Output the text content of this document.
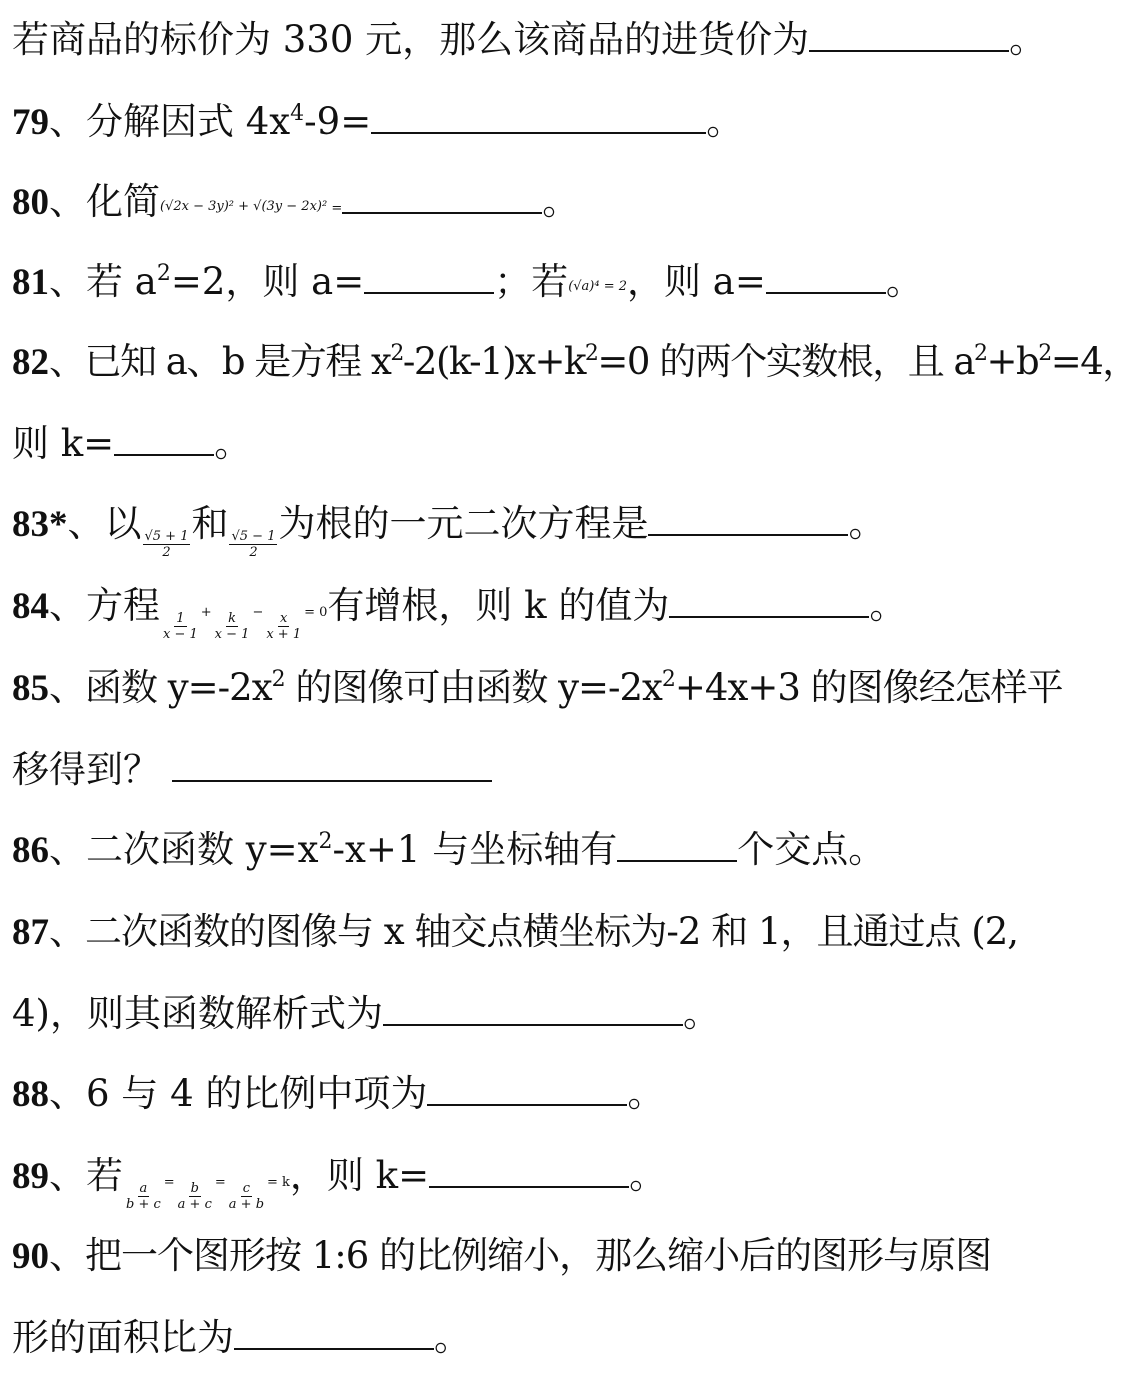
若商品的标价为 330 元，那么该商品的进货价为	。
79、分解因式 $4x^4-9=$	。
80、化简(√2x − 3y)² + √(3y − 2x)² =	。
81、若 $a^2=2$，则 a=	；若(√a)⁴ = 2，则 a=	。
82、已知 a、b 是方程 $x^2-2(k-1)x+k^2=0$ 的两个实数根，且 $a^2+b^2=4$，
则 k=	。
83*、以 $\frac{√5 + 1}{2}$ 和 $\frac{√5 - 1}{2}$ 为根的一元二次方程是	。
84、方程 $\frac{1}{x - 1} + \frac{k}{x - 1} - \frac{x}{x + 1} = 0$有增根，则 k 的值为	。
85、函数 $y=-2x^2$ 的图像可由函数 $y=-2x^2+4x+3$ 的图像经怎样平
移得到？
86、二次函数 $y=x^2-x+1$ 与坐标轴有	个交点。
87、二次函数的图像与 x 轴交点横坐标为-2 和 1，且通过点 (2,
4)，则其函数解析式为	。
88、6 与 4 的比例中项为	。
89、若 $\frac{a}{b + c} = \frac{b}{a + c} = \frac{c}{a + b} = k$，则 k=	。
90、把一个图形按 1:6 的比例缩小，那么缩小后的图形与原图
形的面积比为	。
